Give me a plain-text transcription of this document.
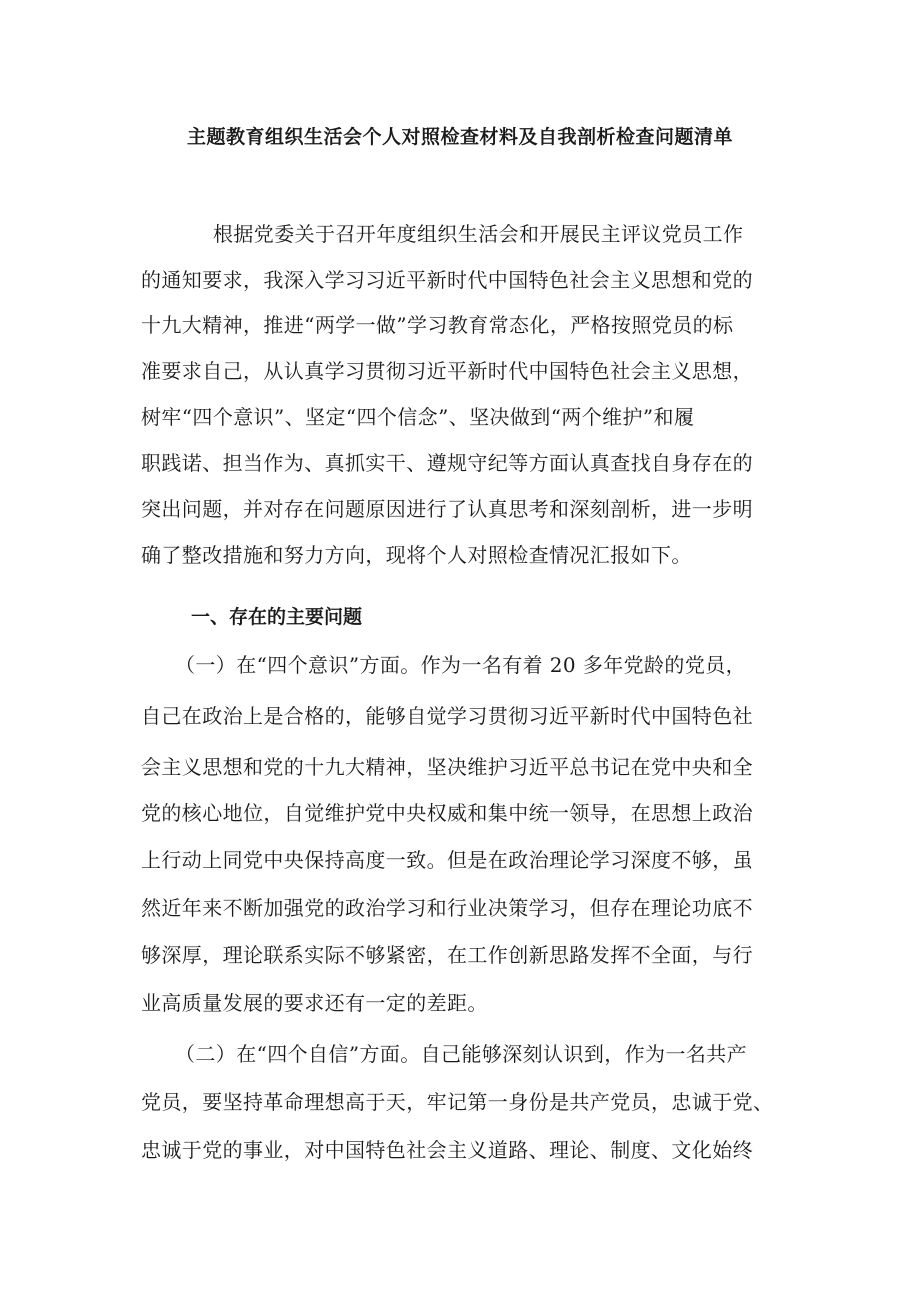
主题教育组织生活会个人对照检查材料及自我剖析检查问题清单
根据党委关于召开年度组织生活会和开展民主评议党员工作
的通知要求，我深入学习习近平新时代中国特色社会主义思想和党的
十九大精神，推进“两学一做”学习教育常态化，严格按照党员的标
准要求自己，从认真学习贯彻习近平新时代中国特色社会主义思想，
树牢“四个意识”、坚定“四个信念”、坚决做到“两个维护”和履
职践诺、担当作为、真抓实干、遵规守纪等方面认真查找自身存在的
突出问题，并对存在问题原因进行了认真思考和深刻剖析，进一步明
确了整改措施和努力方向，现将个人对照检查情况汇报如下。
一、存在的主要问题
（一）在“四个意识”方面。作为一名有着 20 多年党龄的党员，
自己在政治上是合格的，能够自觉学习贯彻习近平新时代中国特色社
会主义思想和党的十九大精神，坚决维护习近平总书记在党中央和全
党的核心地位，自觉维护党中央权威和集中统一领导，在思想上政治
上行动上同党中央保持高度一致。但是在政治理论学习深度不够，虽
然近年来不断加强党的政治学习和行业决策学习，但存在理论功底不
够深厚，理论联系实际不够紧密，在工作创新思路发挥不全面，与行
业高质量发展的要求还有一定的差距。
（二）在“四个自信”方面。自己能够深刻认识到，作为一名共产
党员，要坚持革命理想高于天，牢记第一身份是共产党员，忠诚于党、
忠诚于党的事业，对中国特色社会主义道路、理论、制度、文化始终
